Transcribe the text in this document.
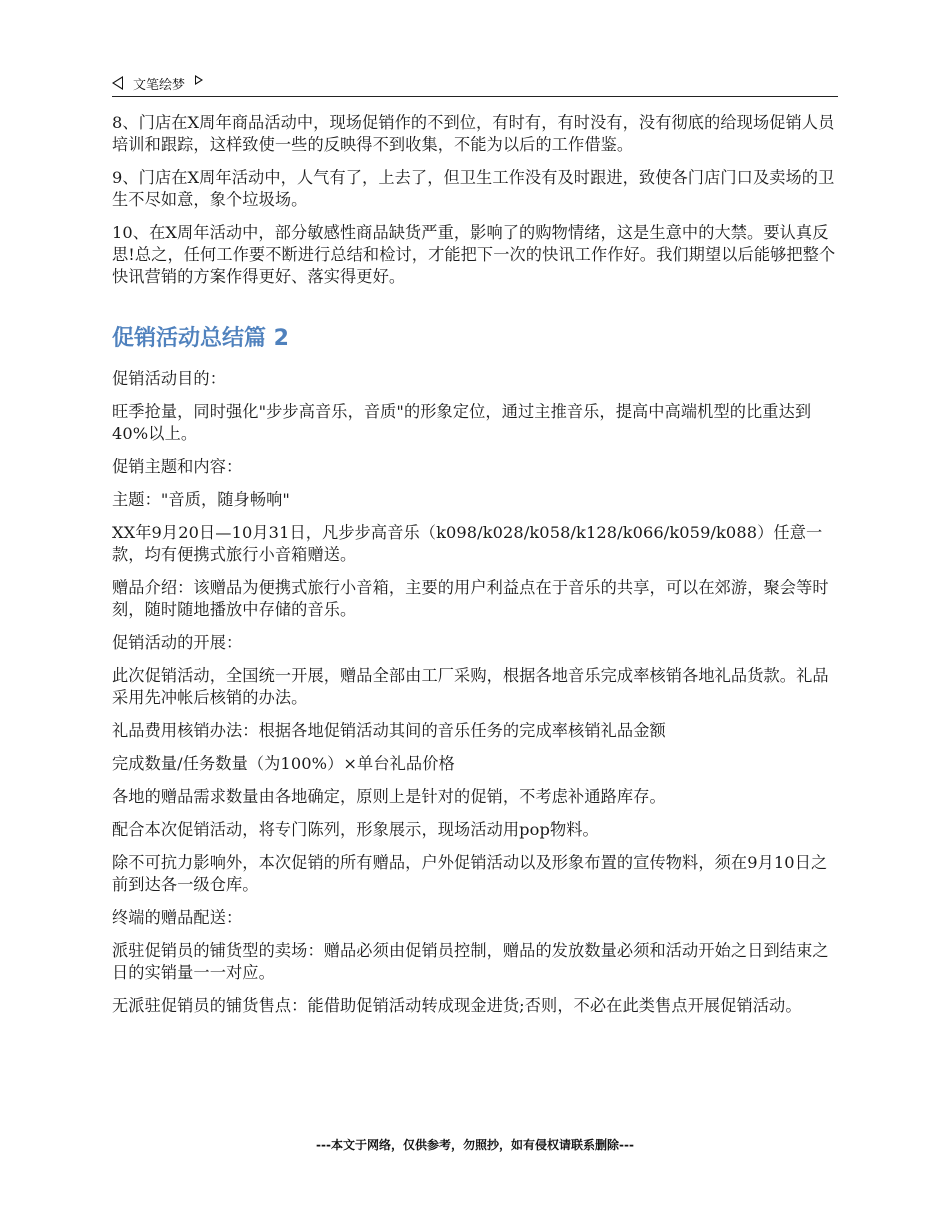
文笔绘梦

8、门店在X周年商品活动中，现场促销作的不到位，有时有，有时没有，没有彻底的给现场促销人员培训和跟踪，这样致使一些的反映得不到收集，不能为以后的工作借鉴。

9、门店在X周年活动中，人气有了，上去了，但卫生工作没有及时跟进，致使各门店门口及卖场的卫生不尽如意，象个垃圾场。

10、在X周年活动中，部分敏感性商品缺货严重，影响了的购物情绪，这是生意中的大禁。要认真反思!总之，任何工作要不断进行总结和检讨，才能把下一次的快讯工作作好。我们期望以后能够把整个快讯营销的方案作得更好、落实得更好。

促销活动总结篇 2

促销活动目的：

旺季抢量，同时强化"步步高音乐，音质"的形象定位，通过主推音乐，提高中高端机型的比重达到40%以上。

促销主题和内容：

主题："音质，随身畅响"

XX年9月20日—10月31日，凡步步高音乐（k098/k028/k058/k128/k066/k059/k088）任意一款，均有便携式旅行小音箱赠送。

赠品介绍：该赠品为便携式旅行小音箱，主要的用户利益点在于音乐的共享，可以在郊游，聚会等时刻，随时随地播放中存储的音乐。

促销活动的开展：

此次促销活动，全国统一开展，赠品全部由工厂采购，根据各地音乐完成率核销各地礼品货款。礼品采用先冲帐后核销的办法。

礼品费用核销办法：根据各地促销活动其间的音乐任务的完成率核销礼品金额

完成数量/任务数量（为100%）×单台礼品价格

各地的赠品需求数量由各地确定，原则上是针对的促销，不考虑补通路库存。

配合本次促销活动，将专门陈列，形象展示，现场活动用pop物料。

除不可抗力影响外，本次促销的所有赠品，户外促销活动以及形象布置的宣传物料，须在9月10日之前到达各一级仓库。

终端的赠品配送：

派驻促销员的铺货型的卖场：赠品必须由促销员控制，赠品的发放数量必须和活动开始之日到结束之日的实销量一一对应。

无派驻促销员的铺货售点：能借助促销活动转成现金进货;否则，不必在此类售点开展促销活动。

---本文于网络，仅供参考，勿照抄，如有侵权请联系删除---
